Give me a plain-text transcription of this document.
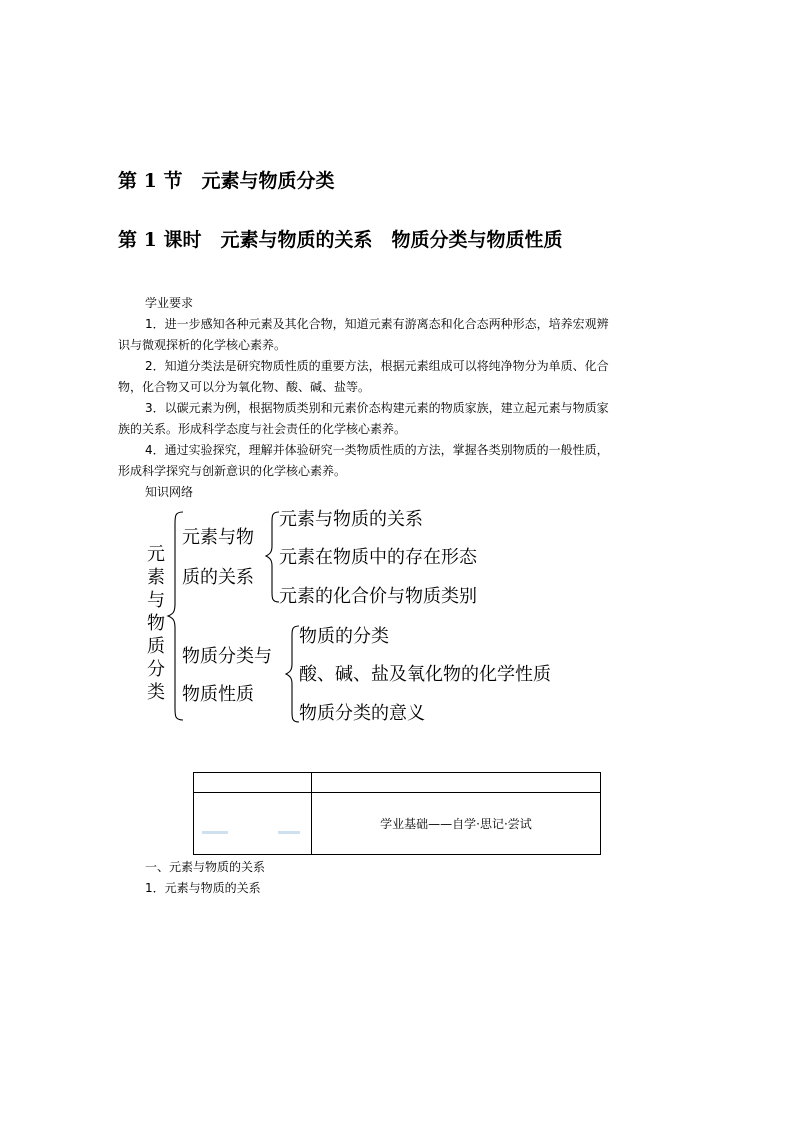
第 1 节　元素与物质分类
第 1 课时　元素与物质的关系　物质分类与物质性质
学业要求
1．进一步感知各种元素及其化合物，知道元素有游离态和化合态两种形态，培养宏观辨
识与微观探析的化学核心素养。
2．知道分类法是研究物质性质的重要方法，根据元素组成可以将纯净物分为单质、化合
物，化合物又可以分为氧化物、酸、碱、盐等。
3．以碳元素为例，根据物质类别和元素价态构建元素的物质家族，建立起元素与物质家
族的关系。形成科学态度与社会责任的化学核心素养。
4．通过实验探究，理解并体验研究一类物质性质的方法，掌握各类别物质的一般性质，
形成科学探究与创新意识的化学核心素养。
知识网络
元素与物质分类
元素与物
质的关系
元素与物质的关系
元素在物质中的存在形态
元素的化合价与物质类别
物质分类与
物质性质
物质的分类
酸、碱、盐及氧化物的化学性质
物质分类的意义

	学业基础——自学·思记·尝试
一、元素与物质的关系
1．元素与物质的关系
